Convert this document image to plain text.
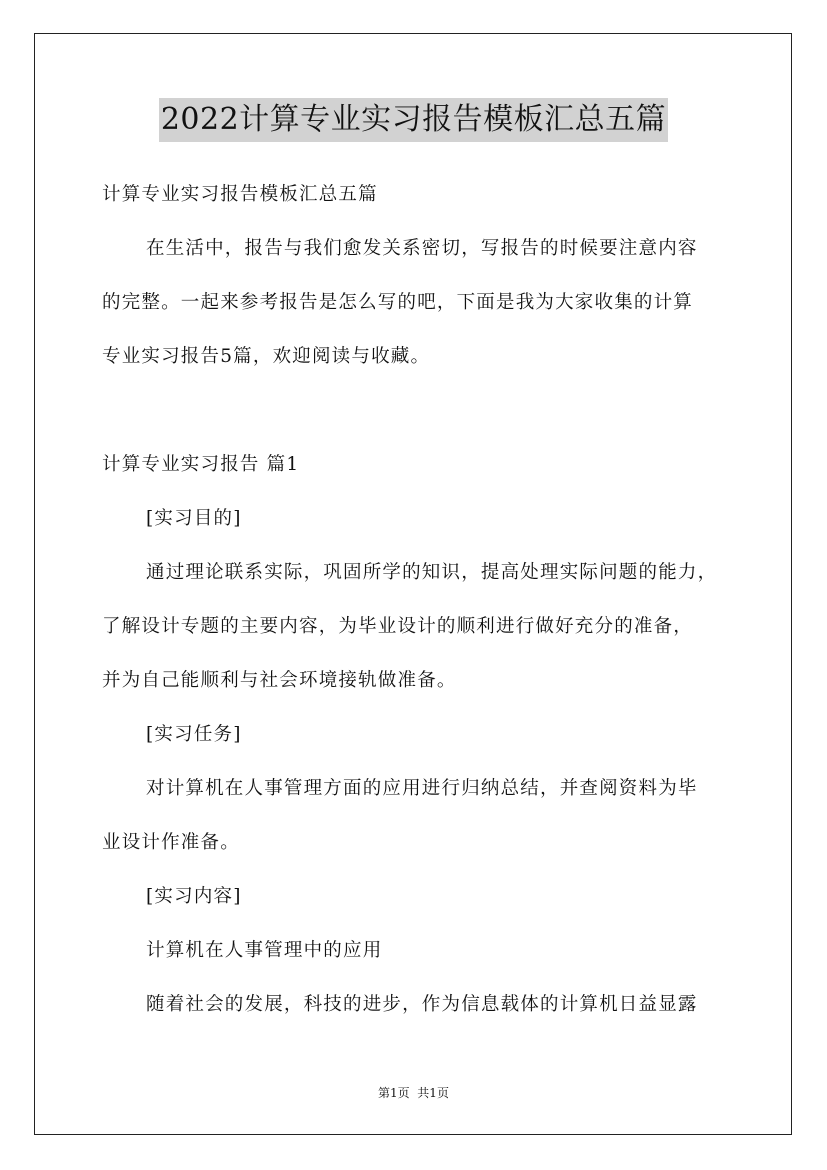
2022计算专业实习报告模板汇总五篇
计算专业实习报告模板汇总五篇
在生活中，报告与我们愈发关系密切，写报告的时候要注意内容
的完整。一起来参考报告是怎么写的吧，下面是我为大家收集的计算
专业实习报告5篇，欢迎阅读与收藏。
计算专业实习报告 篇1
[实习目的]
通过理论联系实际，巩固所学的知识，提高处理实际问题的能力，
了解设计专题的主要内容，为毕业设计的顺利进行做好充分的准备，
并为自己能顺利与社会环境接轨做准备。
[实习任务]
对计算机在人事管理方面的应用进行归纳总结，并查阅资料为毕
业设计作准备。
[实习内容]
计算机在人事管理中的应用
随着社会的发展，科技的进步，作为信息载体的计算机日益显露
第1页  共1页
